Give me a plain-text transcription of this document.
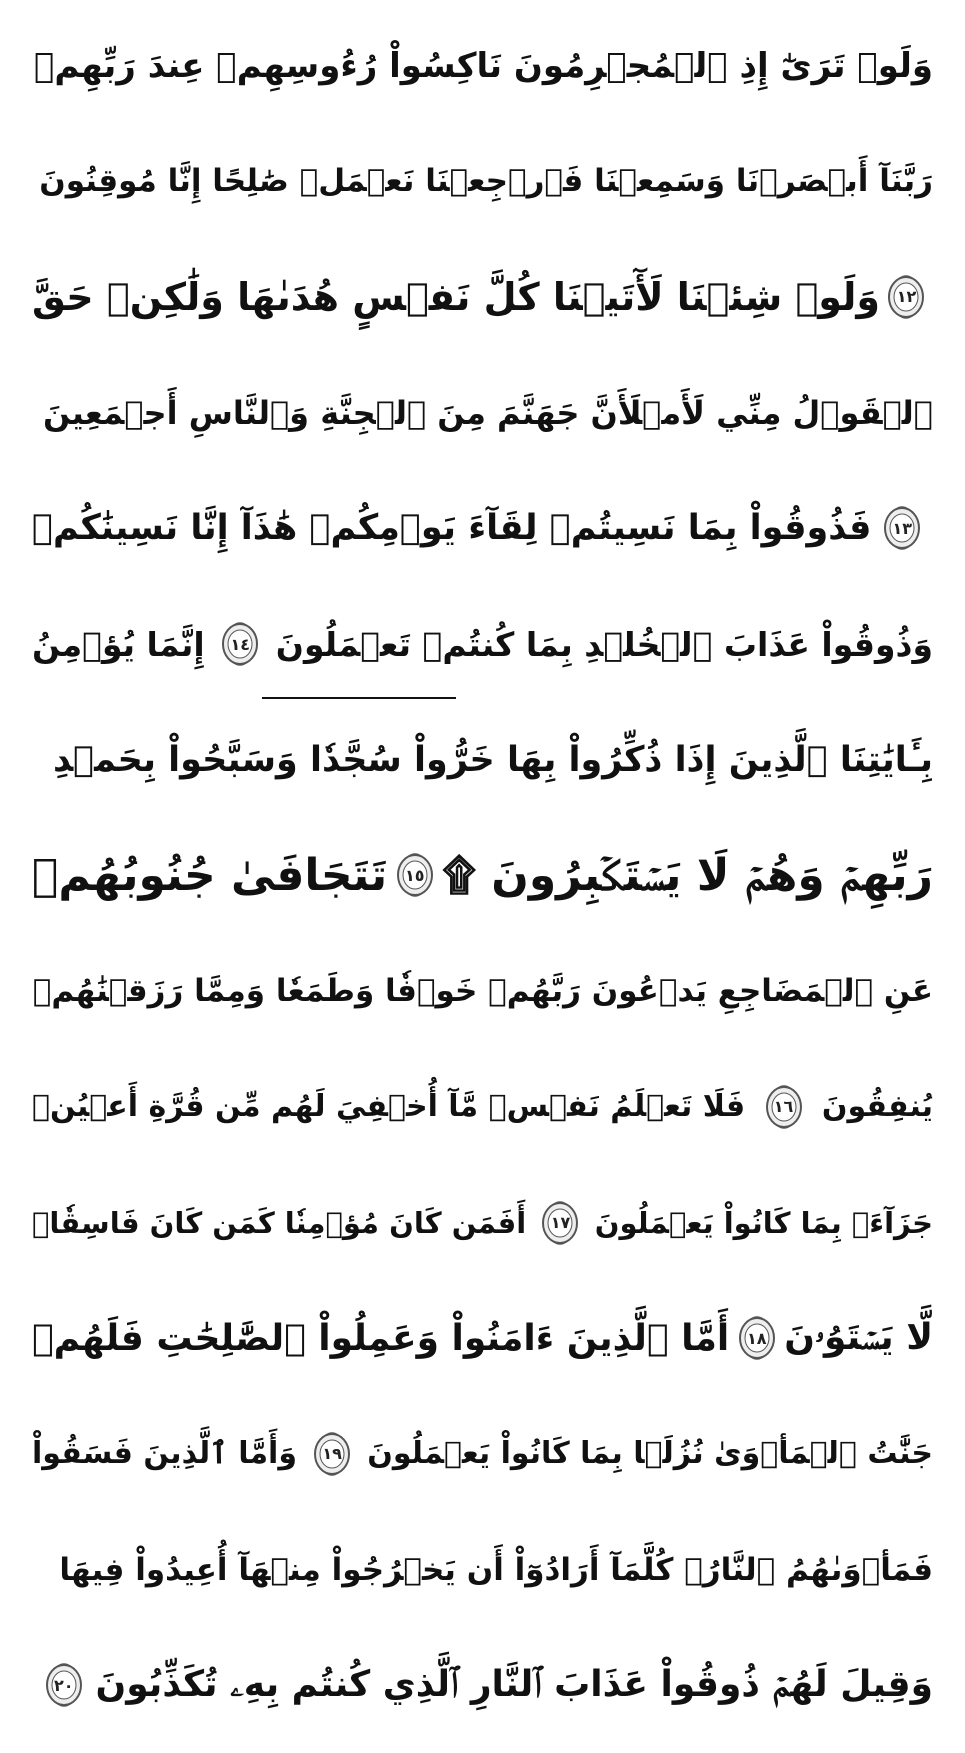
وَلَوۡ تَرَىٰٓ إِذِ ٱلۡمُجۡرِمُونَ نَاكِسُواْ رُءُوسِهِمۡ عِندَ رَبِّهِمۡ
رَبَّنَآ أَبۡصَرۡنَا وَسَمِعۡنَا فَٱرۡجِعۡنَا نَعۡمَلۡ صَٰلِحًا إِنَّا مُوقِنُونَ
١٢
وَلَوۡ شِئۡنَا لَأٓتَيۡنَا كُلَّ نَفۡسٍ هُدَىٰهَا وَلَٰكِنۡ حَقَّ
ٱلۡقَوۡلُ مِنِّي لَأَمۡلَأَنَّ جَهَنَّمَ مِنَ ٱلۡجِنَّةِ وَٱلنَّاسِ أَجۡمَعِينَ
١٣
فَذُوقُواْ بِمَا نَسِيتُمۡ لِقَآءَ يَوۡمِكُمۡ هَٰذَآ إِنَّا نَسِينَٰكُمۡ
وَذُوقُواْ عَذَابَ ٱلۡخُلۡدِ بِمَا كُنتُمۡ تَعۡمَلُونَ
١٤
إِنَّمَا يُؤۡمِنُ
بِـَٔايَٰتِنَا ٱلَّذِينَ إِذَا ذُكِّرُواْ بِهَا خَرُّواْ سُجَّدٗا وَسَبَّحُواْ بِحَمۡدِ
رَبِّهِمۡ وَهُمۡ لَا يَسۡتَكۡبِرُونَ ۩
١٥
تَتَجَافَىٰ جُنُوبُهُمۡ
عَنِ ٱلۡمَضَاجِعِ يَدۡعُونَ رَبَّهُمۡ خَوۡفٗا وَطَمَعٗا وَمِمَّا رَزَقۡنَٰهُمۡ
يُنفِقُونَ
١٦
فَلَا تَعۡلَمُ نَفۡسٞ مَّآ أُخۡفِيَ لَهُم مِّن قُرَّةِ أَعۡيُنٖ
جَزَآءَۢ بِمَا كَانُواْ يَعۡمَلُونَ
١٧
أَفَمَن كَانَ مُؤۡمِنٗا كَمَن كَانَ فَاسِقٗاۚ
لَّا يَسۡتَوُۥنَ
١٨
أَمَّا ٱلَّذِينَ ءَامَنُواْ وَعَمِلُواْ ٱلصَّٰلِحَٰتِ فَلَهُمۡ
جَنَّٰتُ ٱلۡمَأۡوَىٰ نُزُلَۢا بِمَا كَانُواْ يَعۡمَلُونَ
١٩
وَأَمَّا ٱلَّذِينَ فَسَقُواْ
فَمَأۡوَىٰهُمُ ٱلنَّارُۖ كُلَّمَآ أَرَادُوٓاْ أَن يَخۡرُجُواْ مِنۡهَآ أُعِيدُواْ فِيهَا
وَقِيلَ لَهُمۡ ذُوقُواْ عَذَابَ ٱلنَّارِ ٱلَّذِي كُنتُم بِهِۦ تُكَذِّبُونَ
٢٠
